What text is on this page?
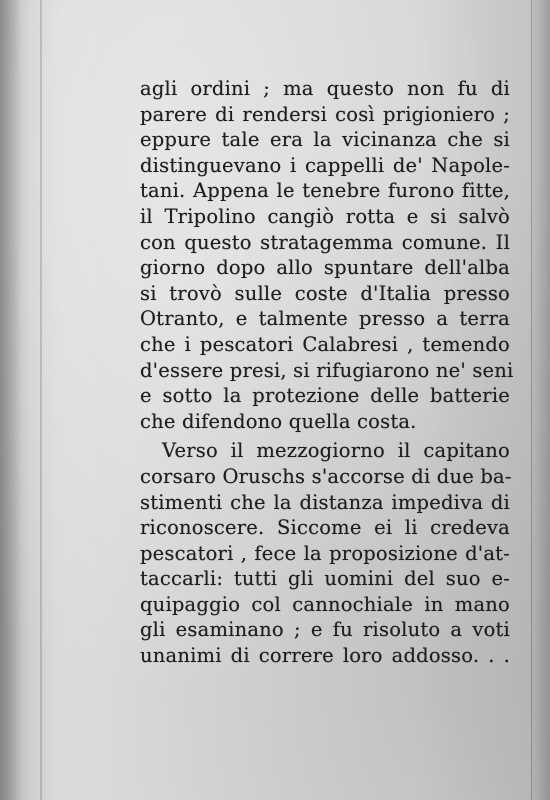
agli ordini ; ma questo non fu di
parere di rendersi così prigioniero ;
eppure tale era la vicinanza che si
distinguevano i cappelli de' Napole-
tani. Appena le tenebre furono fitte,
il Tripolino cangiò rotta e si salvò
con questo stratagemma comune. Il
giorno dopo allo spuntare dell'alba
si trovò sulle coste d'Italia presso
Otranto, e talmente presso a terra
che i pescatori Calabresi , temendo
d'essere presi, si rifugiarono ne' seni
e sotto la protezione delle batterie
che difendono quella costa.
Verso il mezzogiorno il capitano
corsaro Oruschs s'accorse di due ba-
stimenti che la distanza impediva di
riconoscere. Siccome ei li credeva
pescatori , fece la proposizione d'at-
taccarli: tutti gli uomini del suo e-
quipaggio col cannochiale in mano
gli esaminano ; e fu risoluto a voti
unanimi di correre loro addosso. . .
